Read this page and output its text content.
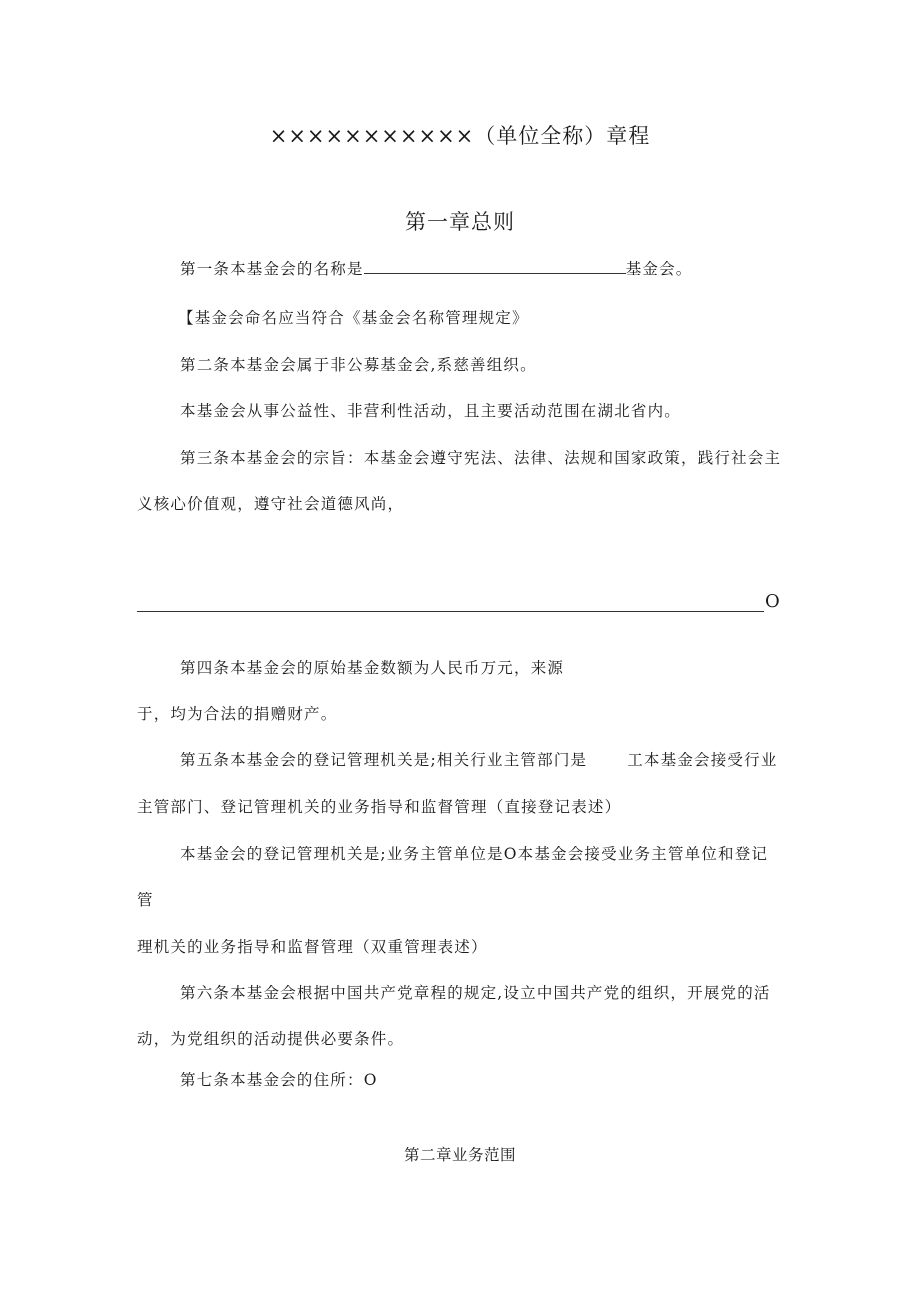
×××××××××××（单位全称）章程
第一章总则
第一条本基金会的名称是	基金会。
【基金会命名应当符合《基金会名称管理规定》
第二条本基金会属于非公募基金会,系慈善组织。
本基金会从事公益性、非营利性活动，且主要活动范围在湖北省内。
第三条本基金会的宗旨：本基金会遵守宪法、法律、法规和国家政策，践行社会主
义核心价值观，遵守社会道德风尚，
O
第四条本基金会的原始基金数额为人民币万元，来源
于，均为合法的捐赠财产。
第五条本基金会的登记管理机关是;相关行业主管部门是	工本基金会接受行业
主管部门、登记管理机关的业务指导和监督管理（直接登记表述）
本基金会的登记管理机关是;业务主管单位是O本基金会接受业务主管单位和登记
管
理机关的业务指导和监督管理（双重管理表述）
第六条本基金会根据中国共产党章程的规定,设立中国共产党的组织，开展党的活
动，为党组织的活动提供必要条件。
第七条本基金会的住所：O
第二章业务范围
